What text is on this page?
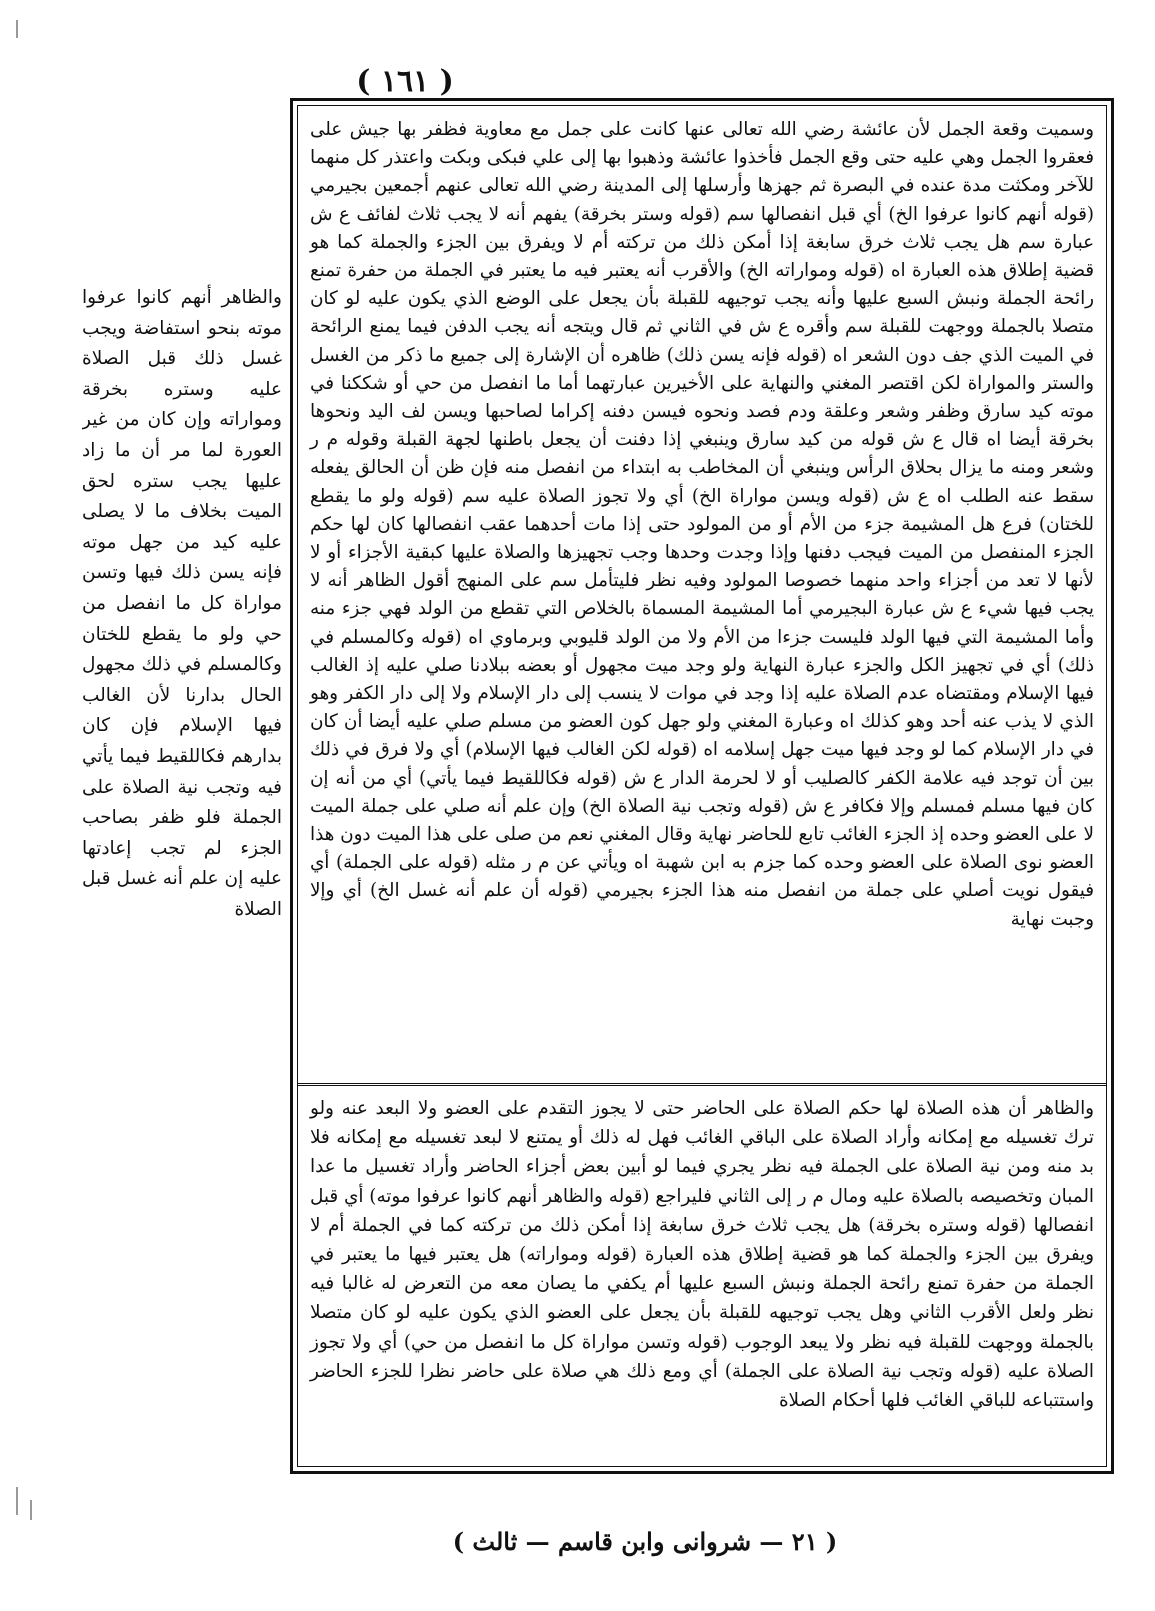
( ١٦١ )

وسميت وقعة الجمل لأن عائشة رضي الله تعالى عنها كانت على جمل مع معاوية فظفر بها جيش على فعقروا الجمل وهي عليه حتى وقع الجمل فأخذوا عائشة وذهبوا بها إلى علي فبكى وبكت واعتذر كل منهما للآخر ومكثت مدة عنده في البصرة ثم جهزها وأرسلها إلى المدينة رضي الله تعالى عنهم أجمعين بجيرمي (قوله أنهم كانوا عرفوا الخ) أي قبل انفصالها سم (قوله وستر بخرقة) يفهم أنه لا يجب ثلاث لفائف ع ش عبارة سم هل يجب ثلاث خرق سابغة إذا أمكن ذلك من تركته أم لا ويفرق بين الجزء والجملة كما هو قضية إطلاق هذه العبارة اه (قوله ومواراته الخ) والأقرب أنه يعتبر فيه ما يعتبر في الجملة من حفرة تمنع رائحة الجملة ونبش السبع عليها وأنه يجب توجيهه للقبلة بأن يجعل على الوضع الذي يكون عليه لو كان متصلا بالجملة ووجهت للقبلة سم وأقره ع ش في الثاني ثم قال ويتجه أنه يجب الدفن فيما يمنع الرائحة في الميت الذي جف دون الشعر اه (قوله فإنه يسن ذلك) ظاهره أن الإشارة إلى جميع ما ذكر من الغسل والستر والمواراة لكن اقتصر المغني والنهاية على الأخيرين عبارتهما أما ما انفصل من حي أو شككنا في موته كيد سارق وظفر وشعر وعلقة ودم فصد ونحوه فيسن دفنه إكراما لصاحبها ويسن لف اليد ونحوها بخرقة أيضا اه قال ع ش قوله من كيد سارق وينبغي إذا دفنت أن يجعل باطنها لجهة القبلة وقوله م ر وشعر ومنه ما يزال بحلاق الرأس وينبغي أن المخاطب به ابتداء من انفصل منه فإن ظن أن الحالق يفعله سقط عنه الطلب اه ع ش (قوله ويسن مواراة الخ) أي ولا تجوز الصلاة عليه سم (قوله ولو ما يقطع للختان) فرع هل المشيمة جزء من الأم أو من المولود حتى إذا مات أحدهما عقب انفصالها كان لها حكم الجزء المنفصل من الميت فيجب دفنها وإذا وجدت وحدها وجب تجهيزها والصلاة عليها كبقية الأجزاء أو لا لأنها لا تعد من أجزاء واحد منهما خصوصا المولود وفيه نظر فليتأمل سم على المنهج أقول الظاهر أنه لا يجب فيها شيء ع ش عبارة البجيرمي أما المشيمة المسماة بالخلاص التي تقطع من الولد فهي جزء منه وأما المشيمة التي فيها الولد فليست جزءا من الأم ولا من الولد قليوبي وبرماوي اه (قوله وكالمسلم في ذلك) أي في تجهيز الكل والجزء عبارة النهاية ولو وجد ميت مجهول أو بعضه ببلادنا صلي عليه إذ الغالب فيها الإسلام ومقتضاه عدم الصلاة عليه إذا وجد في موات لا ينسب إلى دار الإسلام ولا إلى دار الكفر وهو الذي لا يذب عنه أحد وهو كذلك اه وعبارة المغني ولو جهل كون العضو من مسلم صلي عليه أيضا أن كان في دار الإسلام كما لو وجد فيها ميت جهل إسلامه اه (قوله لكن الغالب فيها الإسلام) أي ولا فرق في ذلك بين أن توجد فيه علامة الكفر كالصليب أو لا لحرمة الدار ع ش (قوله فكاللقيط فيما يأتي) أي من أنه إن كان فيها مسلم فمسلم وإلا فكافر ع ش (قوله وتجب نية الصلاة الخ) وإن علم أنه صلي على جملة الميت لا على العضو وحده إذ الجزء الغائب تابع للحاضر نهاية وقال المغني نعم من صلى على هذا الميت دون هذا العضو نوى الصلاة على العضو وحده كما جزم به ابن شهبة اه ويأتي عن م ر مثله (قوله على الجملة) أي فيقول نويت أصلي على جملة من انفصل منه هذا الجزء بجيرمي (قوله أن علم أنه غسل الخ) أي وإلا وجبت نهاية

والظاهر أن هذه الصلاة لها حكم الصلاة على الحاضر حتى لا يجوز التقدم على العضو ولا البعد عنه ولو ترك تغسيله مع إمكانه وأراد الصلاة على الباقي الغائب فهل له ذلك أو يمتنع لا لبعد تغسيله مع إمكانه فلا بد منه ومن نية الصلاة على الجملة فيه نظر يجري فيما لو أبين بعض أجزاء الحاضر وأراد تغسيل ما عدا المبان وتخصيصه بالصلاة عليه ومال م ر إلى الثاني فليراجع (قوله والظاهر أنهم كانوا عرفوا موته) أي قبل انفصالها (قوله وستره بخرقة) هل يجب ثلاث خرق سابغة إذا أمكن ذلك من تركته كما في الجملة أم لا ويفرق بين الجزء والجملة كما هو قضية إطلاق هذه العبارة (قوله ومواراته) هل يعتبر فيها ما يعتبر في الجملة من حفرة تمنع رائحة الجملة ونبش السبع عليها أم يكفي ما يصان معه من التعرض له غالبا فيه نظر ولعل الأقرب الثاني وهل يجب توجيهه للقبلة بأن يجعل على العضو الذي يكون عليه لو كان متصلا بالجملة ووجهت للقبلة فيه نظر ولا يبعد الوجوب (قوله وتسن مواراة كل ما انفصل من حي) أي ولا تجوز الصلاة عليه (قوله وتجب نية الصلاة على الجملة) أي ومع ذلك هي صلاة على حاضر نظرا للجزء الحاضر واستتباعه للباقي الغائب فلها أحكام الصلاة

والظاهر أنهم كانوا عرفوا موته بنحو استفاضة ويجب غسل ذلك قبل الصلاة عليه وستره بخرقة ومواراته وإن كان من غير العورة لما مر أن ما زاد عليها يجب ستره لحق الميت بخلاف ما لا يصلى عليه كيد من جهل موته فإنه يسن ذلك فيها وتسن مواراة كل ما انفصل من حي ولو ما يقطع للختان وكالمسلم في ذلك مجهول الحال بدارنا لأن الغالب فيها الإسلام فإن كان بدارهم فكاللقيط فيما يأتي فيه وتجب نية الصلاة على الجملة فلو ظفر بصاحب الجزء لم تجب إعادتها عليه إن علم أنه غسل قبل الصلاة

( ٢١ — شروانى وابن قاسم — ثالث )
